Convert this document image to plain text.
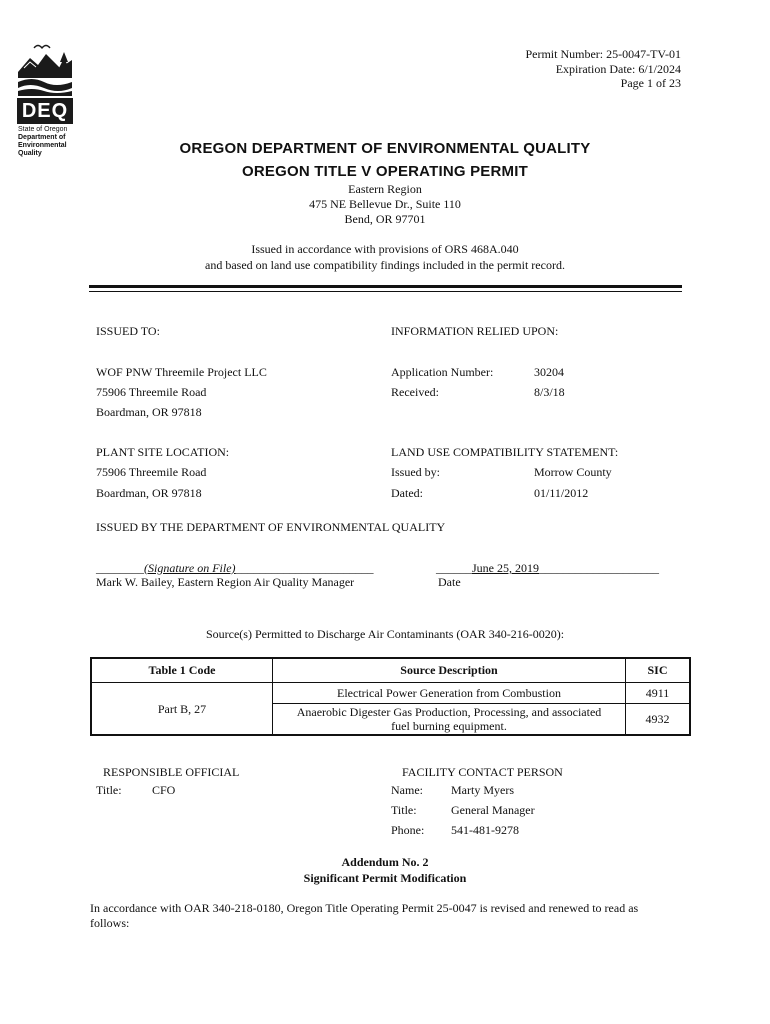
DEQ
State of Oregon
Department of
Environmental
Quality
Permit Number: 25-0047-TV-01
Expiration Date: 6/1/2024
Page 1 of 23
OREGON DEPARTMENT OF ENVIRONMENTAL QUALITY
OREGON TITLE V OPERATING PERMIT
Eastern Region
475 NE Bellevue Dr., Suite 110
Bend, OR 97701
Issued in accordance with provisions of ORS 468A.040
and based on land use compatibility findings included in the permit record.
ISSUED TO:	INFORMATION RELIED UPON:
WOF PNW Threemile Project LLC
75906 Threemile Road
Boardman, OR 97818
Application Number:	30204
Received:	8/3/18
PLANT SITE LOCATION:	LAND USE COMPATIBILITY STATEMENT:
75906 Threemile Road
Boardman, OR 97818
Issued by:	Morrow County
Dated:	01/11/2012
ISSUED BY THE DEPARTMENT OF ENVIRONMENTAL QUALITY
________(Signature on File)_______________________
Mark W. Bailey, Eastern Region Air Quality Manager
______June 25, 2019____________________
Date
Source(s) Permitted to Discharge Air Contaminants (OAR 340-216-0020):
Table 1 Code	Source Description	SIC
Part B, 27	Electrical Power Generation from Combustion	4911

	Anaerobic Digester Gas Production, Processing, and associated
fuel burning equipment.	4932
RESPONSIBLE OFFICIAL
Title:	CFO
FACILITY CONTACT PERSON
Name: Marty Myers
Title:	General Manager
Phone: 541-481-9278
Addendum No. 2
Significant Permit Modification
In accordance with OAR 340-218-0180, Oregon Title Operating Permit 25-0047 is revised and renewed to read as
follows:
